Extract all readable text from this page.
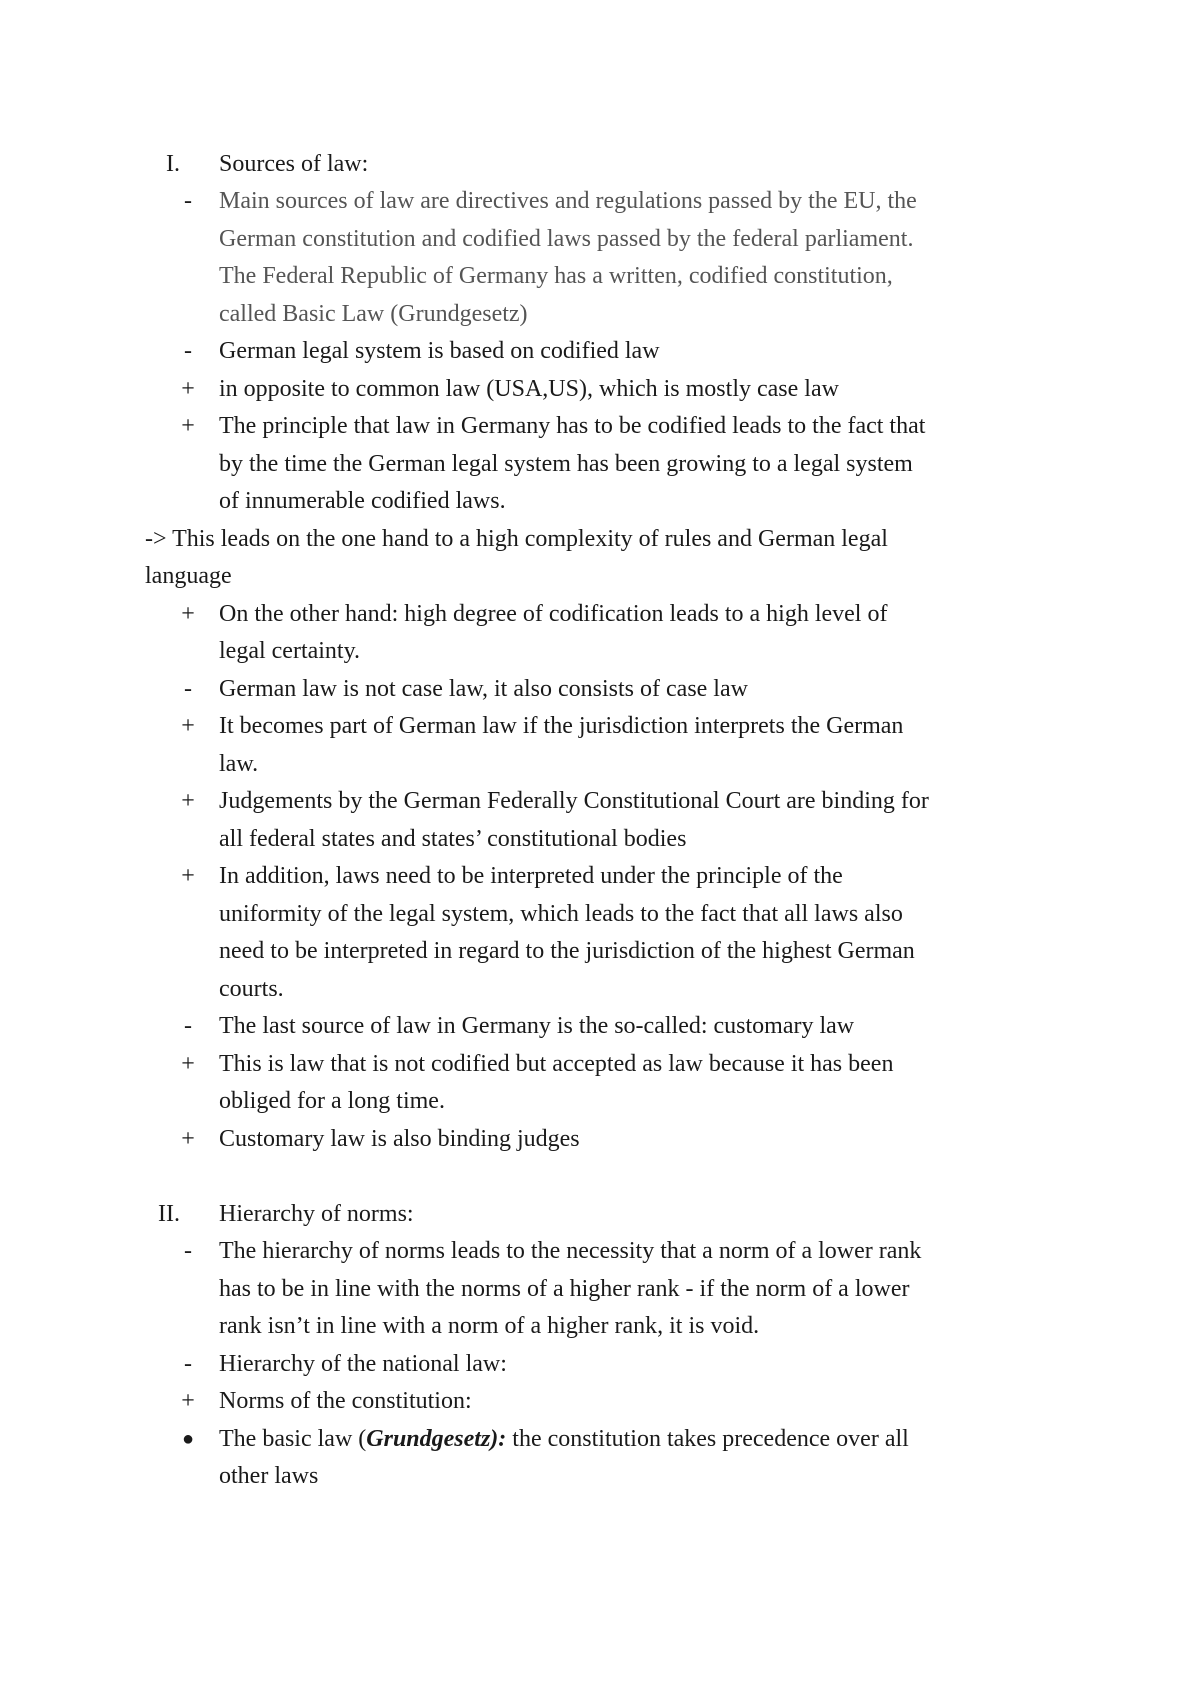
I. Sources of law:
-	Main sources of law are directives and regulations passed by the EU, the
German constitution and codified laws passed by the federal parliament.
The Federal Republic of Germany has a written, codified constitution,
called Basic Law (Grundgesetz)
-	German legal system is based on codified law
+	in opposite to common law (USA,US), which is mostly case law
+	The principle that law in Germany has to be codified leads to the fact that
by the time the German legal system has been growing to a legal system
of innumerable codified laws.
-> This leads on the one hand to a high complexity of rules and German legal
language
+	On the other hand: high degree of codification leads to a high level of
legal certainty.
-	German law is not case law, it also consists of case law
+	It becomes part of German law if the jurisdiction interprets the German
law.
+	Judgements by the German Federally Constitutional Court are binding for
all federal states and states’ constitutional bodies
+	In addition, laws need to be interpreted under the principle of the
uniformity of the legal system, which leads to the fact that all laws also
need to be interpreted in regard to the jurisdiction of the highest German
courts.
-	The last source of law in Germany is the so-called: customary law
+	This is law that is not codified but accepted as law because it has been
obliged for a long time.
+	Customary law is also binding judges
II. Hierarchy of norms:
-	The hierarchy of norms leads to the necessity that a norm of a lower rank
has to be in line with the norms of a higher rank - if the norm of a lower
rank isn’t in line with a norm of a higher rank, it is void.
-	Hierarchy of the national law:
+	Norms of the constitution:
●	The basic law (Grundgesetz): the constitution takes precedence over all
other laws
